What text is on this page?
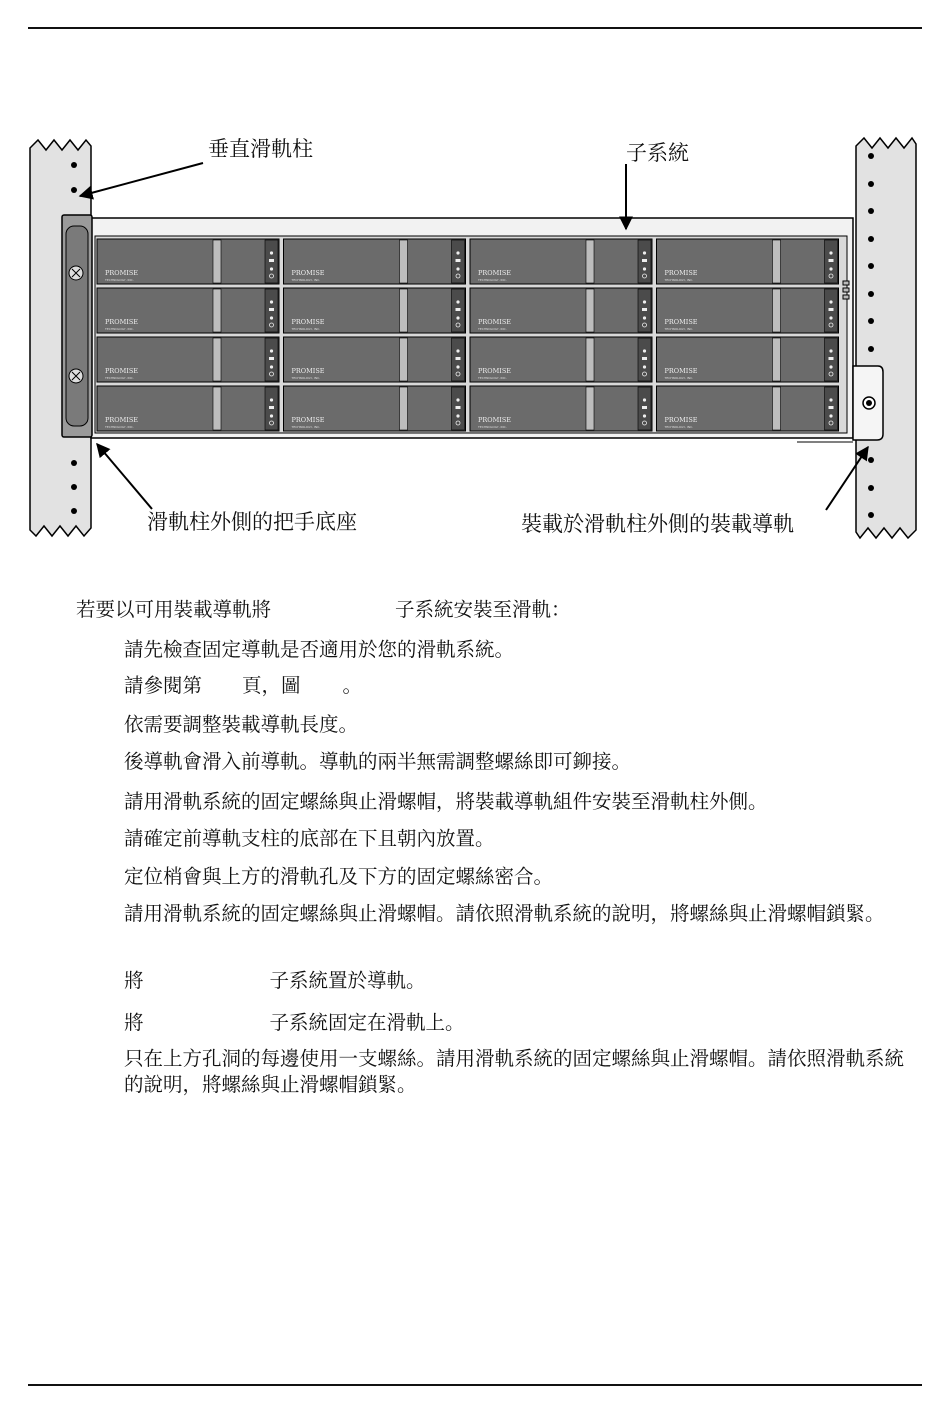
PROMISE
TECHNOLOGY, INC.
PROMISE
TECHNOLOGY, INC.
PROMISE
TECHNOLOGY, INC.
PROMISE
TECHNOLOGY, INC.
PROMISE
TECHNOLOGY, INC.
PROMISE
TECHNOLOGY, INC.
PROMISE
TECHNOLOGY, INC.
PROMISE
TECHNOLOGY, INC.
PROMISE
TECHNOLOGY, INC.
PROMISE
TECHNOLOGY, INC.
PROMISE
TECHNOLOGY, INC.
PROMISE
TECHNOLOGY, INC.
PROMISE
TECHNOLOGY, INC.
PROMISE
TECHNOLOGY, INC.
PROMISE
TECHNOLOGY, INC.
PROMISE
TECHNOLOGY, INC.
垂直滑軌柱	子系統
滑軌柱外側的把手底座	裝載於滑軌柱外側的裝載導軌
若要以可用裝載導軌將	子系統安裝至滑軌：
請先檢查固定導軌是否適用於您的滑軌系統。
請參閱第 頁，圖 。
依需要調整裝載導軌長度。
後導軌會滑入前導軌。導軌的兩半無需調整螺絲即可鉚接。
請用滑軌系統的固定螺絲與止滑螺帽，將裝載導軌組件安裝至滑軌柱外側。
請確定前導軌支柱的底部在下且朝內放置。
定位梢會與上方的滑軌孔及下方的固定螺絲密合。
請用滑軌系統的固定螺絲與止滑螺帽。請依照滑軌系統的說明，將螺絲與止滑螺帽鎖緊。
將	子系統置於導軌。
將	子系統固定在滑軌上。
只在上方孔洞的每邊使用一支螺絲。請用滑軌系統的固定螺絲與止滑螺帽。請依照滑軌系統的說明，將螺絲與止滑螺帽鎖緊。
